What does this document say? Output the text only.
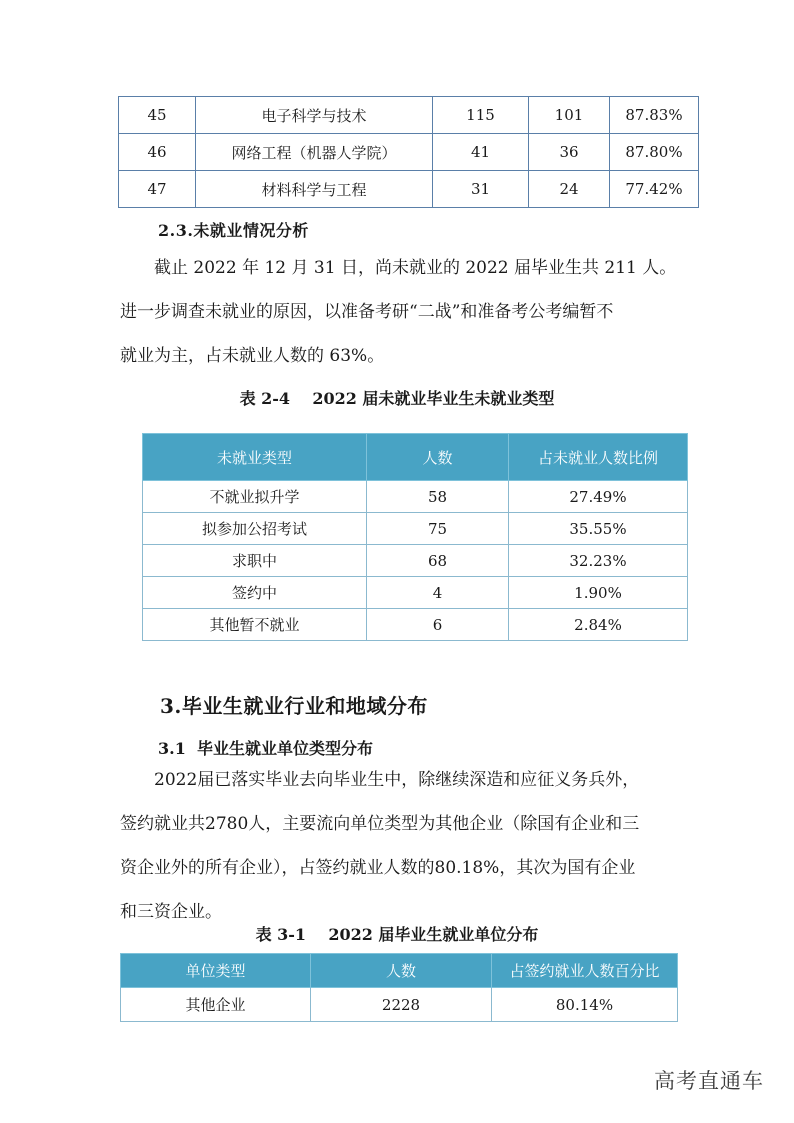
45	电子科学与技术	115	101	87.83%
46	网络工程（机器人学院）	41	36	87.80%
47	材料科学与工程	31	24	77.42%
2.3.未就业情况分析

截止 2022 年 12 月 31 日，尚未就业的 2022 届毕业生共 211 人。

进一步调查未就业的原因，以准备考研“二战”和准备考公考编暂不

就业为主，占未就业人数的 63%。

表 2-4    2022 届未就业毕业生未就业类型
未就业类型	人数	占未就业人数比例
不就业拟升学	58	27.49%
拟参加公招考试	75	35.55%
求职中	68	32.23%
签约中	4	1.90%
其他暂不就业	6	2.84%
3.毕业生就业行业和地域分布
3.1  毕业生就业单位类型分布

2022届已落实毕业去向毕业生中，除继续深造和应征义务兵外，

签约就业共2780人，主要流向单位类型为其他企业（除国有企业和三

资企业外的所有企业），占签约就业人数的80.18%，其次为国有企业

和三资企业。

表 3-1    2022 届毕业生就业单位分布
单位类型	人数	占签约就业人数百分比
其他企业	2228	80.14%
高考直通车
